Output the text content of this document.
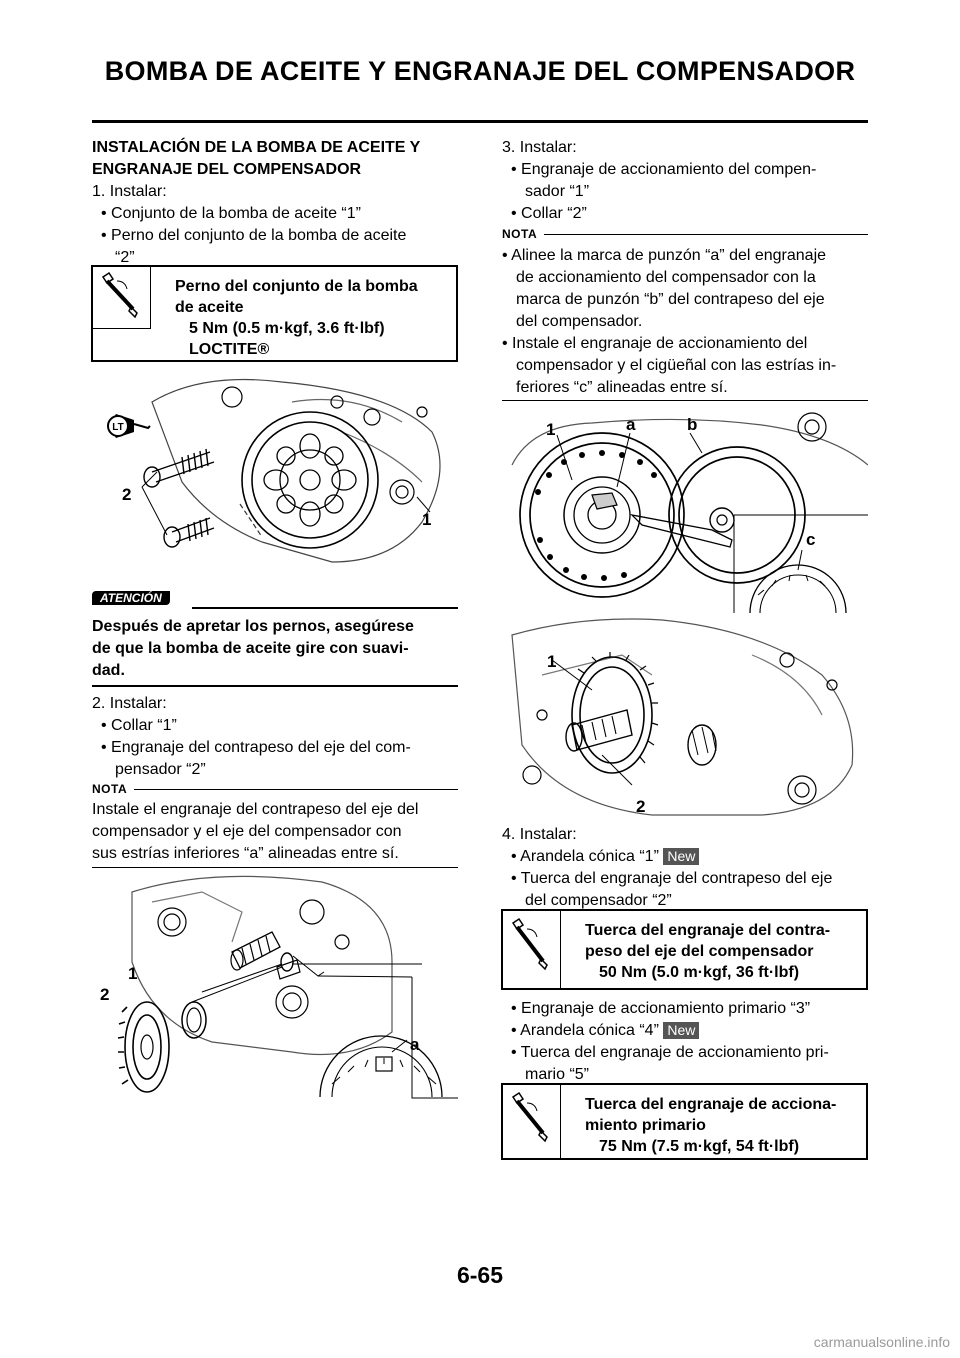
BOMBA DE ACEITE Y ENGRANAJE DEL COMPENSADOR
INSTALACIÓN DE LA BOMBA DE ACEITE Y
ENGRANAJE DEL COMPENSADOR
1. Instalar:
• Conjunto de la bomba de aceite “1”
• Perno del conjunto de la bomba de aceite
“2”
Perno del conjunto de la bomba
de aceite
5 Nm (0.5 m·kgf, 3.6 ft·lbf)
LOCTITE®
LT
2
1
ATENCIÓN
Después de apretar los pernos, asegúrese
de que la bomba de aceite gire con suavi-
dad.
2. Instalar:
• Collar “1”
• Engranaje del contrapeso del eje del com-
pensador “2”
NOTA
Instale el engranaje del contrapeso del eje del
compensador y el eje del compensador con
sus estrías inferiores “a” alineadas entre sí.
1
2
a
3. Instalar:
• Engranaje de accionamiento del compen-
sador “1”
• Collar “2”
NOTA
• Alinee la marca de punzón “a” del engranaje
de accionamiento del compensador con la
marca de punzón “b” del contrapeso del eje
del compensador.
• Instale el engranaje de accionamiento del
compensador y el cigüeñal con las estrías in-
feriores “c” alineadas entre sí.
1	a	b
c
1
2
4. Instalar:
• Arandela cónica “1” New
• Tuerca del engranaje del contrapeso del eje
del compensador “2”
Tuerca del engranaje del contra-
peso del eje del compensador
50 Nm (5.0 m·kgf, 36 ft·lbf)
• Engranaje de accionamiento primario “3”
• Arandela cónica “4” New
• Tuerca del engranaje de accionamiento pri-
mario “5”
Tuerca del engranaje de acciona-
miento primario
75 Nm (7.5 m·kgf, 54 ft·lbf)
6-65
carmanualsonline.info
